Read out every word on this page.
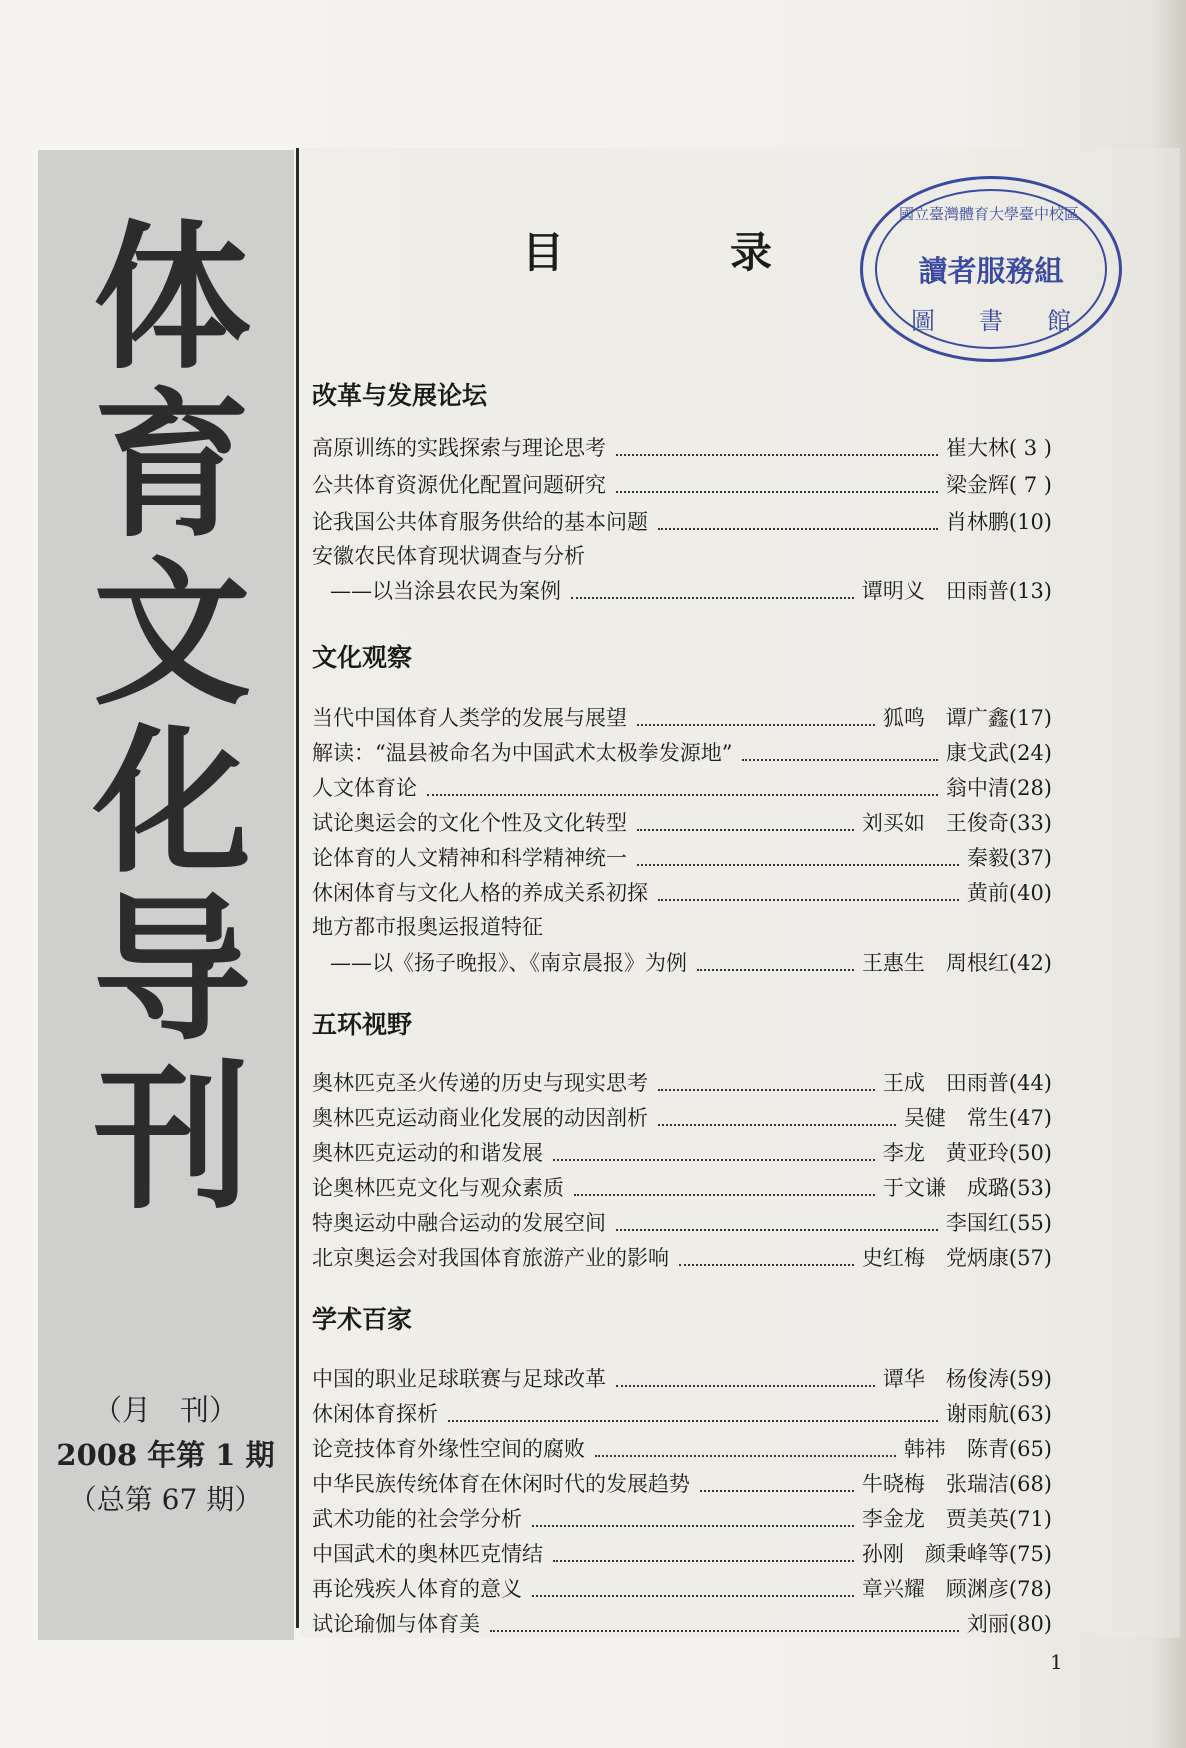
体
育
文
化
导
刊
（月　刊）
2008 年第 1 期
（总第 67 期）
目　录
國立臺灣體育大學臺中校區
讀者服務組
圖 書 館
改革与发展论坛
高原训练的实践探索与理论思考	崔大林( 3 )
公共体育资源优化配置问题研究	梁金辉( 7 )
论我国公共体育服务供给的基本问题	肖林鹏(10)
安徽农民体育现状调查与分析
——以当涂县农民为案例	谭明义　田雨普(13)
文化观察
当代中国体育人类学的发展与展望	狐鸣　谭广鑫(17)
解读：“温县被命名为中国武术太极拳发源地”	康戈武(24)
人文体育论	翁中清(28)
试论奥运会的文化个性及文化转型	刘买如　王俊奇(33)
论体育的人文精神和科学精神统一	秦毅(37)
休闲体育与文化人格的养成关系初探	黄前(40)
地方都市报奥运报道特征
——以《扬子晚报》、《南京晨报》为例	王惠生　周根红(42)
五环视野
奥林匹克圣火传递的历史与现实思考	王成　田雨普(44)
奥林匹克运动商业化发展的动因剖析	吴健　常生(47)
奥林匹克运动的和谐发展	李龙　黄亚玲(50)
论奥林匹克文化与观众素质	于文谦　成璐(53)
特奥运动中融合运动的发展空间	李国红(55)
北京奥运会对我国体育旅游产业的影响	史红梅　党炳康(57)
学术百家
中国的职业足球联赛与足球改革	谭华　杨俊涛(59)
休闲体育探析	谢雨航(63)
论竞技体育外缘性空间的腐败	韩祎　陈青(65)
中华民族传统体育在休闲时代的发展趋势	牛晓梅　张瑞洁(68)
武术功能的社会学分析	李金龙　贾美英(71)
中国武术的奥林匹克情结	孙刚　颜秉峰等(75)
再论残疾人体育的意义	章兴耀　顾渊彦(78)
试论瑜伽与体育美	刘丽(80)
1
